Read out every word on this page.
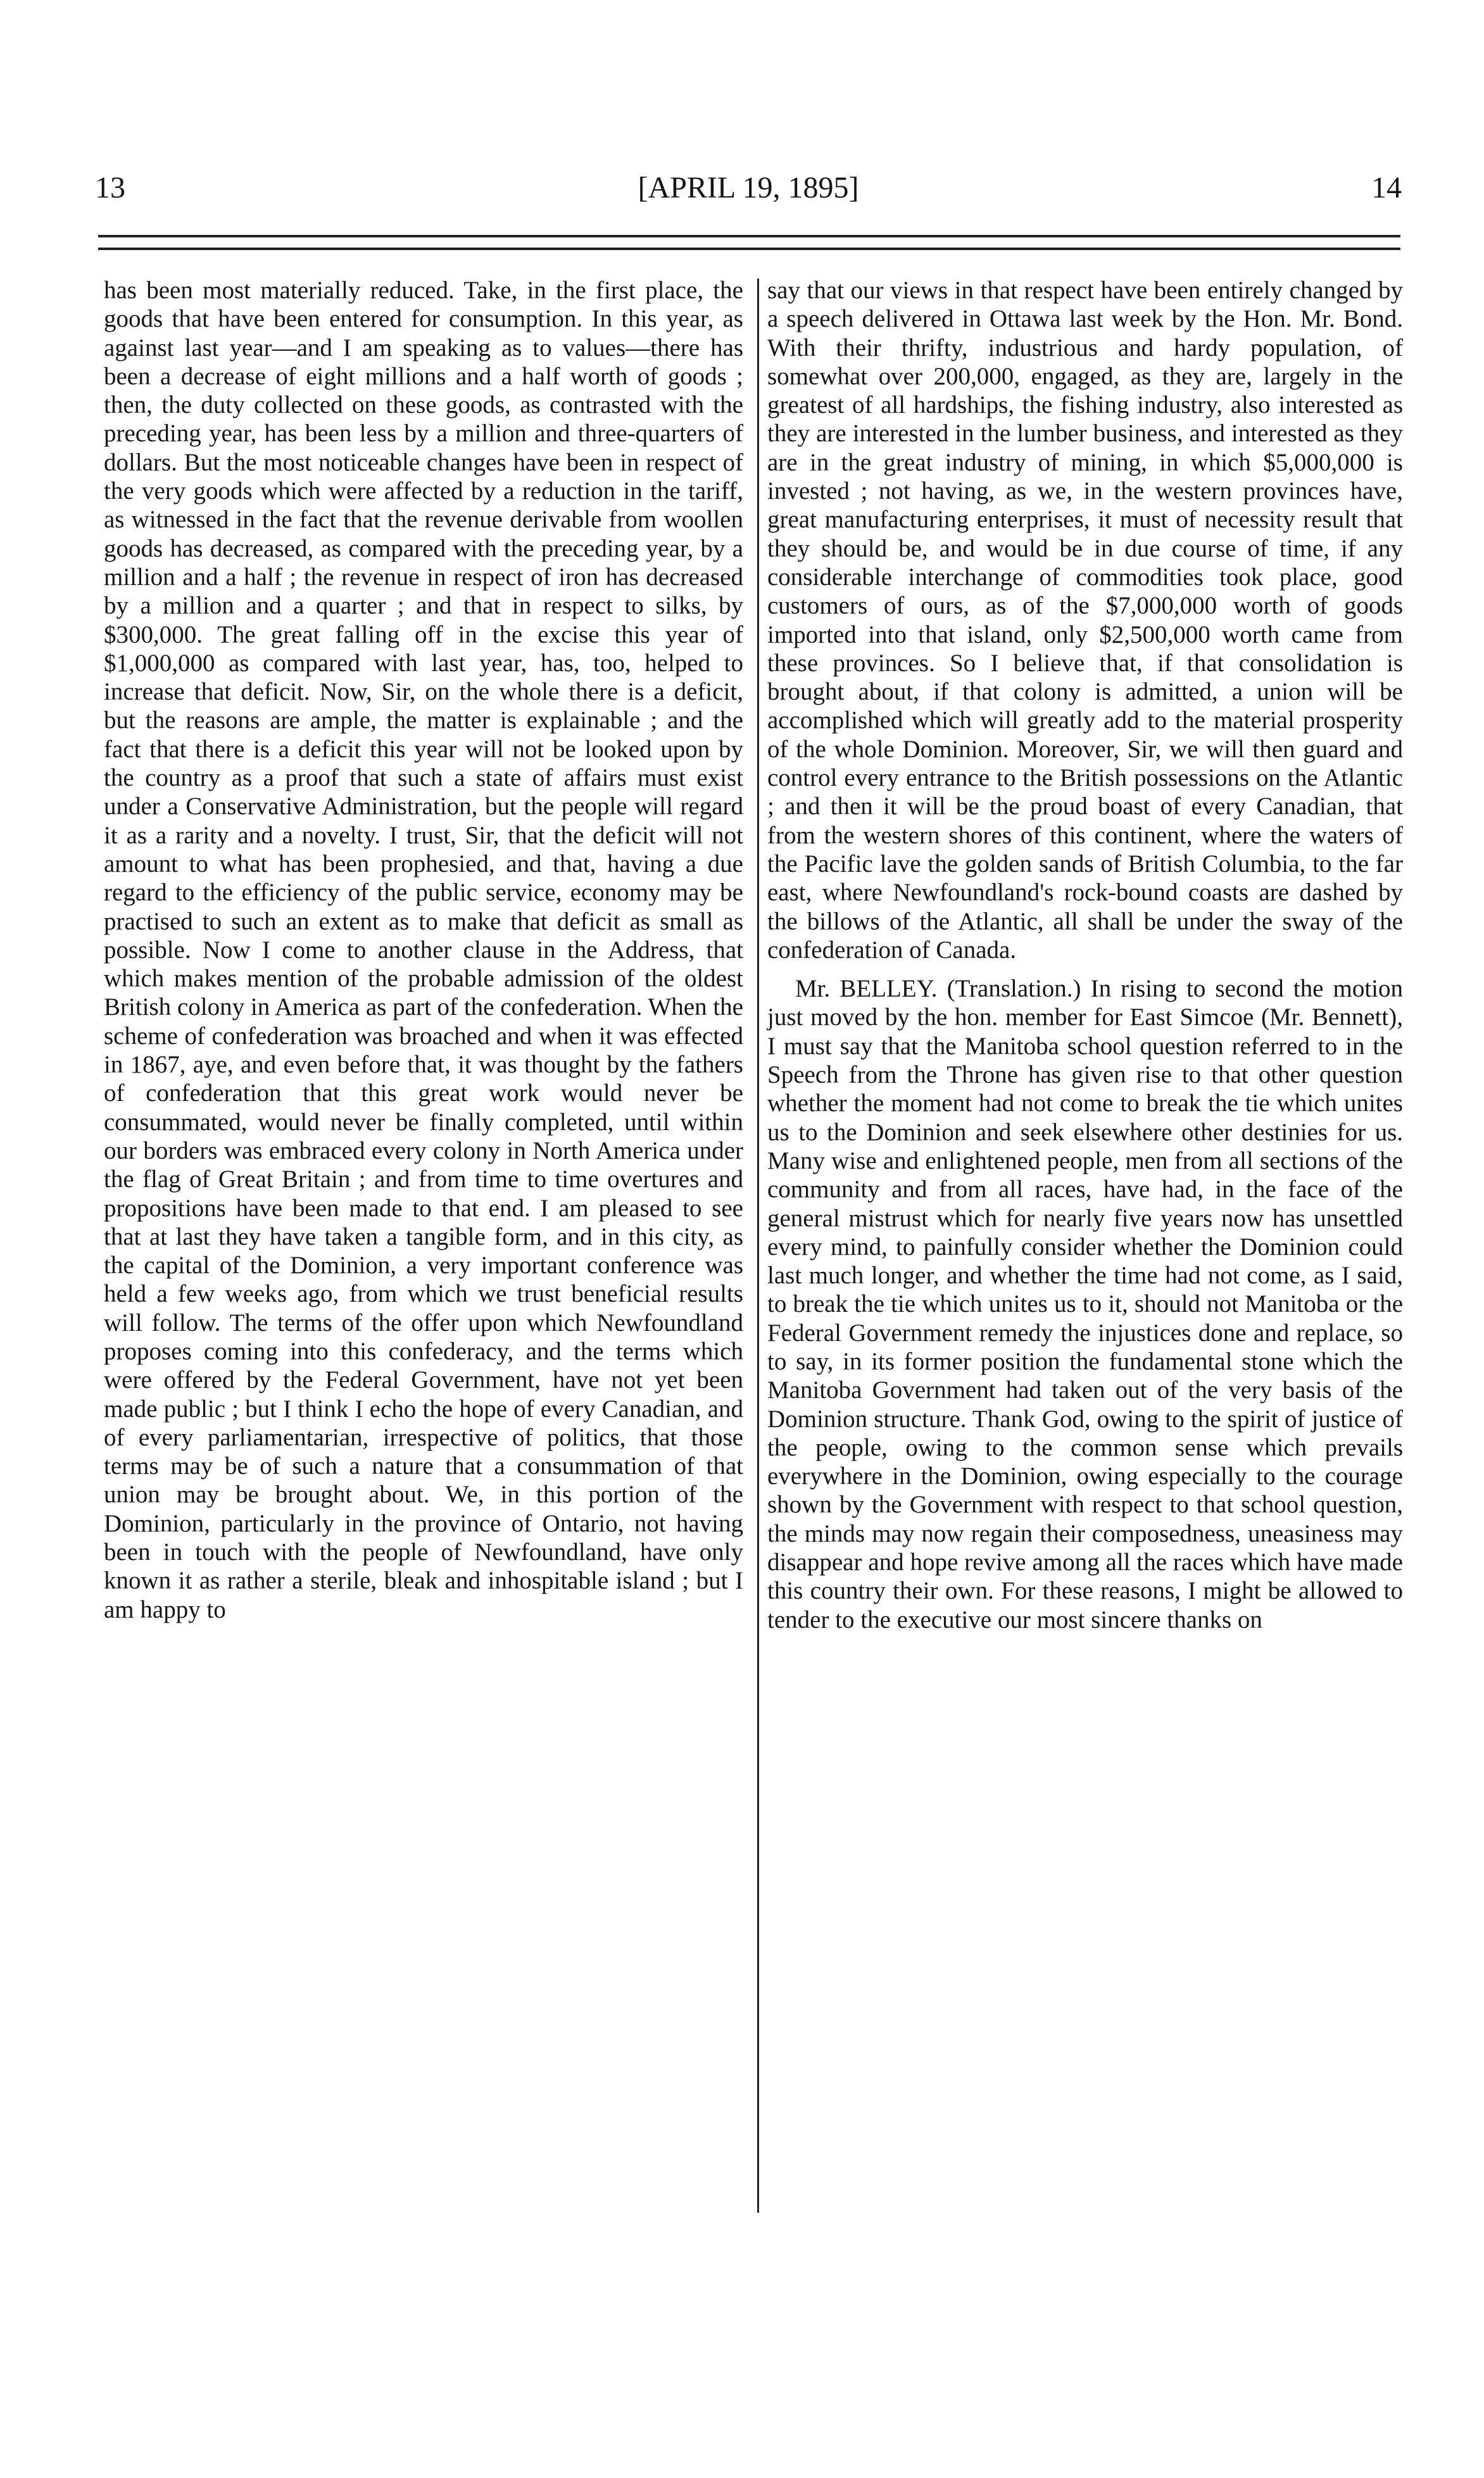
13	[APRIL 19, 1895]	14

has been most materially reduced. Take, in the first place, the goods that have been entered for consumption. In this year, as against last year—and I am speaking as to values—there has been a decrease of eight millions and a half worth of goods ; then, the duty collected on these goods, as contrasted with the preceding year, has been less by a million and three-quarters of dollars. But the most noticeable changes have been in respect of the very goods which were affected by a reduction in the tariff, as witnessed in the fact that the revenue derivable from woollen goods has decreased, as compared with the preceding year, by a million and a half ; the revenue in respect of iron has decreased by a million and a quarter ; and that in respect to silks, by $300,000. The great falling off in the excise this year of $1,000,000 as compared with last year, has, too, helped to increase that deficit. Now, Sir, on the whole there is a deficit, but the reasons are ample, the matter is explainable ; and the fact that there is a deficit this year will not be looked upon by the country as a proof that such a state of affairs must exist under a Conservative Administration, but the people will regard it as a rarity and a novelty. I trust, Sir, that the deficit will not amount to what has been prophesied, and that, having a due regard to the efficiency of the public service, economy may be practised to such an extent as to make that deficit as small as possible. Now I come to another clause in the Address, that which makes mention of the probable admission of the oldest British colony in America as part of the confederation. When the scheme of confederation was broached and when it was effected in 1867, aye, and even before that, it was thought by the fathers of confederation that this great work would never be consummated, would never be finally completed, until within our borders was embraced every colony in North America under the flag of Great Britain ; and from time to time overtures and propositions have been made to that end. I am pleased to see that at last they have taken a tangible form, and in this city, as the capital of the Dominion, a very important conference was held a few weeks ago, from which we trust beneficial results will follow. The terms of the offer upon which Newfoundland proposes coming into this confederacy, and the terms which were offered by the Federal Government, have not yet been made public ; but I think I echo the hope of every Canadian, and of every parliamentarian, irrespective of politics, that those terms may be of such a nature that a consummation of that union may be brought about. We, in this portion of the Dominion, particularly in the province of Ontario, not having been in touch with the people of Newfoundland, have only known it as rather a sterile, bleak and inhospitable island ; but I am happy to

say that our views in that respect have been entirely changed by a speech delivered in Ottawa last week by the Hon. Mr. Bond. With their thrifty, industrious and hardy population, of somewhat over 200,000, engaged, as they are, largely in the greatest of all hardships, the fishing industry, also interested as they are interested in the lumber business, and interested as they are in the great industry of mining, in which $5,000,000 is invested ; not having, as we, in the western provinces have, great manufacturing enterprises, it must of necessity result that they should be, and would be in due course of time, if any considerable interchange of commodities took place, good customers of ours, as of the $7,000,000 worth of goods imported into that island, only $2,500,000 worth came from these provinces. So I believe that, if that consolidation is brought about, if that colony is admitted, a union will be accomplished which will greatly add to the material prosperity of the whole Dominion. Moreover, Sir, we will then guard and control every entrance to the British possessions on the Atlantic ; and then it will be the proud boast of every Canadian, that from the western shores of this continent, where the waters of the Pacific lave the golden sands of British Columbia, to the far east, where Newfoundland's rock-bound coasts are dashed by the billows of the Atlantic, all shall be under the sway of the confederation of Canada.

Mr. BELLEY. (Translation.) In rising to second the motion just moved by the hon. member for East Simcoe (Mr. Bennett), I must say that the Manitoba school question referred to in the Speech from the Throne has given rise to that other question whether the moment had not come to break the tie which unites us to the Dominion and seek elsewhere other destinies for us. Many wise and enlightened people, men from all sections of the community and from all races, have had, in the face of the general mistrust which for nearly five years now has unsettled every mind, to painfully consider whether the Dominion could last much longer, and whether the time had not come, as I said, to break the tie which unites us to it, should not Manitoba or the Federal Government remedy the injustices done and replace, so to say, in its former position the fundamental stone which the Manitoba Government had taken out of the very basis of the Dominion structure. Thank God, owing to the spirit of justice of the people, owing to the common sense which prevails everywhere in the Dominion, owing especially to the courage shown by the Government with respect to that school question, the minds may now regain their composedness, uneasiness may disappear and hope revive among all the races which have made this country their own. For these reasons, I might be allowed to tender to the executive our most sincere thanks on
